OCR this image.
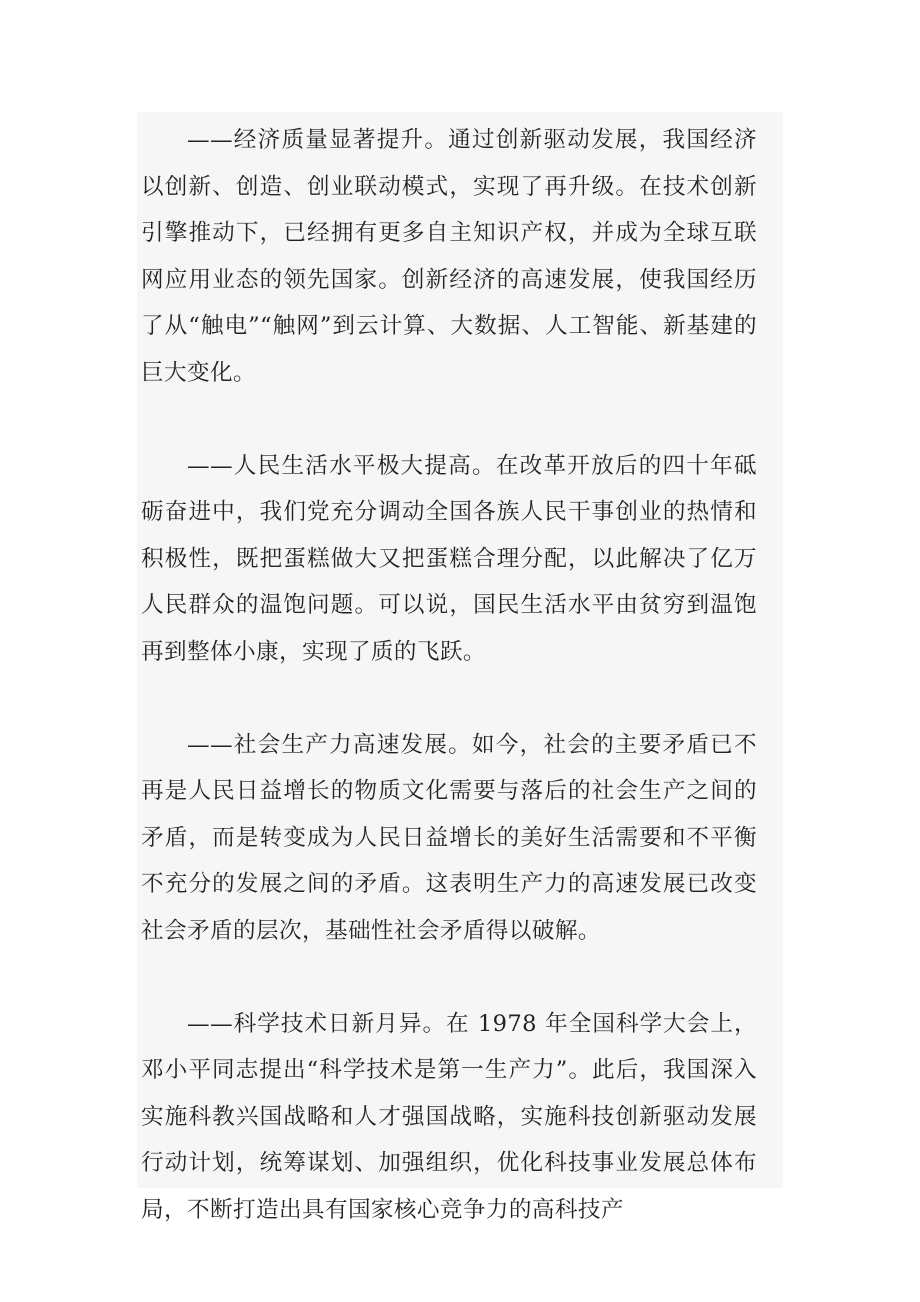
——经济质量显著提升。通过创新驱动发展，我国经济以创新、创造、创业联动模式，实现了再升级。在技术创新引擎推动下，已经拥有更多自主知识产权，并成为全球互联网应用业态的领先国家。创新经济的高速发展，使我国经历了从“触电”“触网”到云计算、大数据、人工智能、新基建的巨大变化。

——人民生活水平极大提高。在改革开放后的四十年砥砺奋进中，我们党充分调动全国各族人民干事创业的热情和积极性，既把蛋糕做大又把蛋糕合理分配，以此解决了亿万人民群众的温饱问题。可以说，国民生活水平由贫穷到温饱再到整体小康，实现了质的飞跃。

——社会生产力高速发展。如今，社会的主要矛盾已不再是人民日益增长的物质文化需要与落后的社会生产之间的矛盾，而是转变成为人民日益增长的美好生活需要和不平衡不充分的发展之间的矛盾。这表明生产力的高速发展已改变社会矛盾的层次，基础性社会矛盾得以破解。

——科学技术日新月异。在 1978 年全国科学大会上，邓小平同志提出“科学技术是第一生产力”。此后，我国深入实施科教兴国战略和人才强国战略，实施科技创新驱动发展行动计划，统筹谋划、加强组织，优化科技事业发展总体布局，不断打造出具有国家核心竞争力的高科技产
